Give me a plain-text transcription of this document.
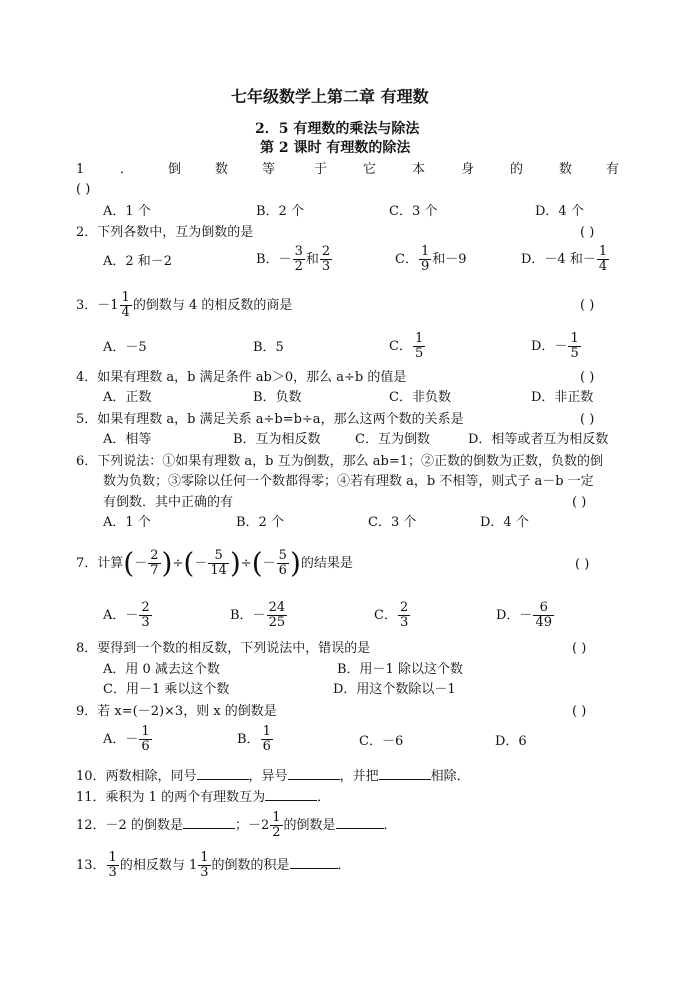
七年级数学上第二章 有理数
2．5 有理数的乘法与除法
第 2 课时 有理数的除法
1	．	倒	数	等	于	它	本	身	的	数	有
( )
A．1 个	B．2 个	C．3 个	D．4 个
2．下列各数中，互为倒数的是	( )
A．2 和－2	B．－ $\frac{3}{2}$ 和 $\frac{2}{3}$	C． $\frac{1}{9}$ 和－9	D．－4 和－ $\frac{1}{4}$
3．$-1 \frac{1}{4}$ 的倒数与 4 的相反数的商是	( )
A．－5	B．5	C． $\frac{1}{5}$	D．－ $\frac{1}{5}$
4．如果有理数 a，b 满足条件 ab＞0，那么 a÷b 的值是	( )
A．正数	B．负数	C．非负数	D．非正数
5．如果有理数 a，b 满足关系 a÷b=b÷a，那么这两个数的关系是	( )
A．相等	B．互为相反数	C．互为倒数	D．相等或者互为相反数
6．下列说法：①如果有理数 a，b 互为倒数，那么 ab=1；②正数的倒数为正数，负数的倒
数为负数；③零除以任何一个数都得零；④若有理数 a，b 不相等，则式子 a－b 一定
有倒数．其中正确的有	( )
A．1 个	B．2 个	C．3 个	D．4 个
7．计算(－ $\frac{2}{7}$ )÷(－ $\frac{5}{14}$ )÷(－ $\frac{5}{6}$ )的结果是	( )
A．－ $\frac{2}{3}$	B．－ $\frac{24}{25}$	C． $\frac{2}{3}$	D．－ $\frac{6}{49}$
8．要得到一个数的相反数，下列说法中，错误的是	( )
A．用 0 减去这个数	B．用－1 除以这个数
C．用－1 乘以这个数	D．用这个数除以－1
9．若 x=(－2)×3，则 x 的倒数是	( )
A．－ $\frac{1}{6}$	B． $\frac{1}{6}$	C．－6	D．6
10．两数相除，同号	，异号	，并把	相除．
11．乘积为 1 的两个有理数互为	．
12．－2 的倒数是	；$-2 \frac{1}{2}$ 的倒数是	．
13． $\frac{1}{3}$ 的相反数与 $1 \frac{1}{3}$ 的倒数的积是	．
